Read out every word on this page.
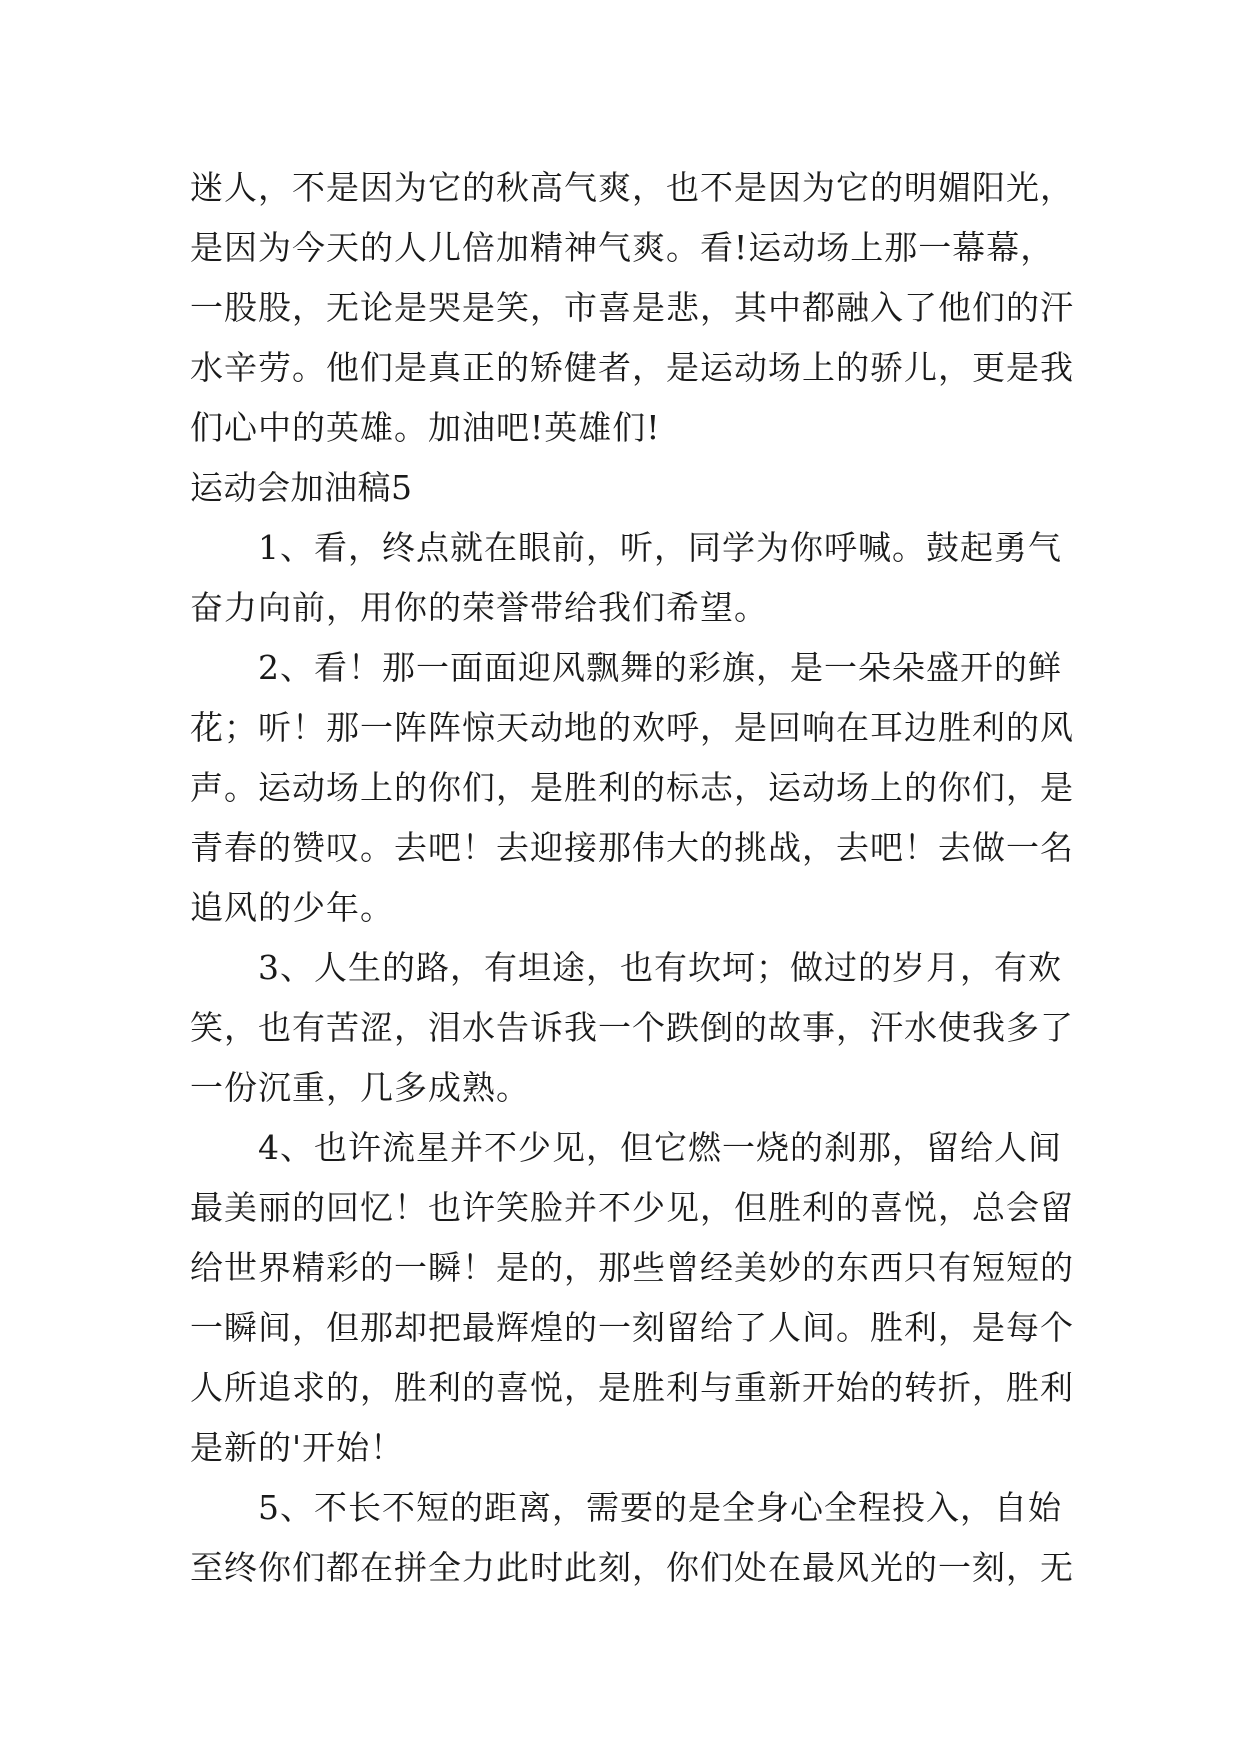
迷人，不是因为它的秋高气爽，也不是因为它的明媚阳光，
是因为今天的人儿倍加精神气爽。看!运动场上那一幕幕，
一股股，无论是哭是笑，市喜是悲，其中都融入了他们的汗
水辛劳。他们是真正的矫健者，是运动场上的骄儿，更是我
们心中的英雄。加油吧!英雄们!
运动会加油稿5
1、看，终点就在眼前，听，同学为你呼喊。鼓起勇气
奋力向前，用你的荣誉带给我们希望。
2、看！那一面面迎风飘舞的彩旗，是一朵朵盛开的鲜
花；听！那一阵阵惊天动地的欢呼，是回响在耳边胜利的风
声。运动场上的你们，是胜利的标志，运动场上的你们，是
青春的赞叹。去吧！去迎接那伟大的挑战，去吧！去做一名
追风的少年。
3、人生的路，有坦途，也有坎坷；做过的岁月，有欢
笑，也有苦涩，泪水告诉我一个跌倒的故事，汗水使我多了
一份沉重，几多成熟。
4、也许流星并不少见，但它燃一烧的刹那，留给人间
最美丽的回忆！也许笑脸并不少见，但胜利的喜悦，总会留
给世界精彩的一瞬！是的，那些曾经美妙的东西只有短短的
一瞬间，但那却把最辉煌的一刻留给了人间。胜利，是每个
人所追求的，胜利的喜悦，是胜利与重新开始的转折，胜利
是新的'开始！
5、不长不短的距离，需要的是全身心全程投入，自始
至终你们都在拼全力此时此刻，你们处在最风光的一刻，无
